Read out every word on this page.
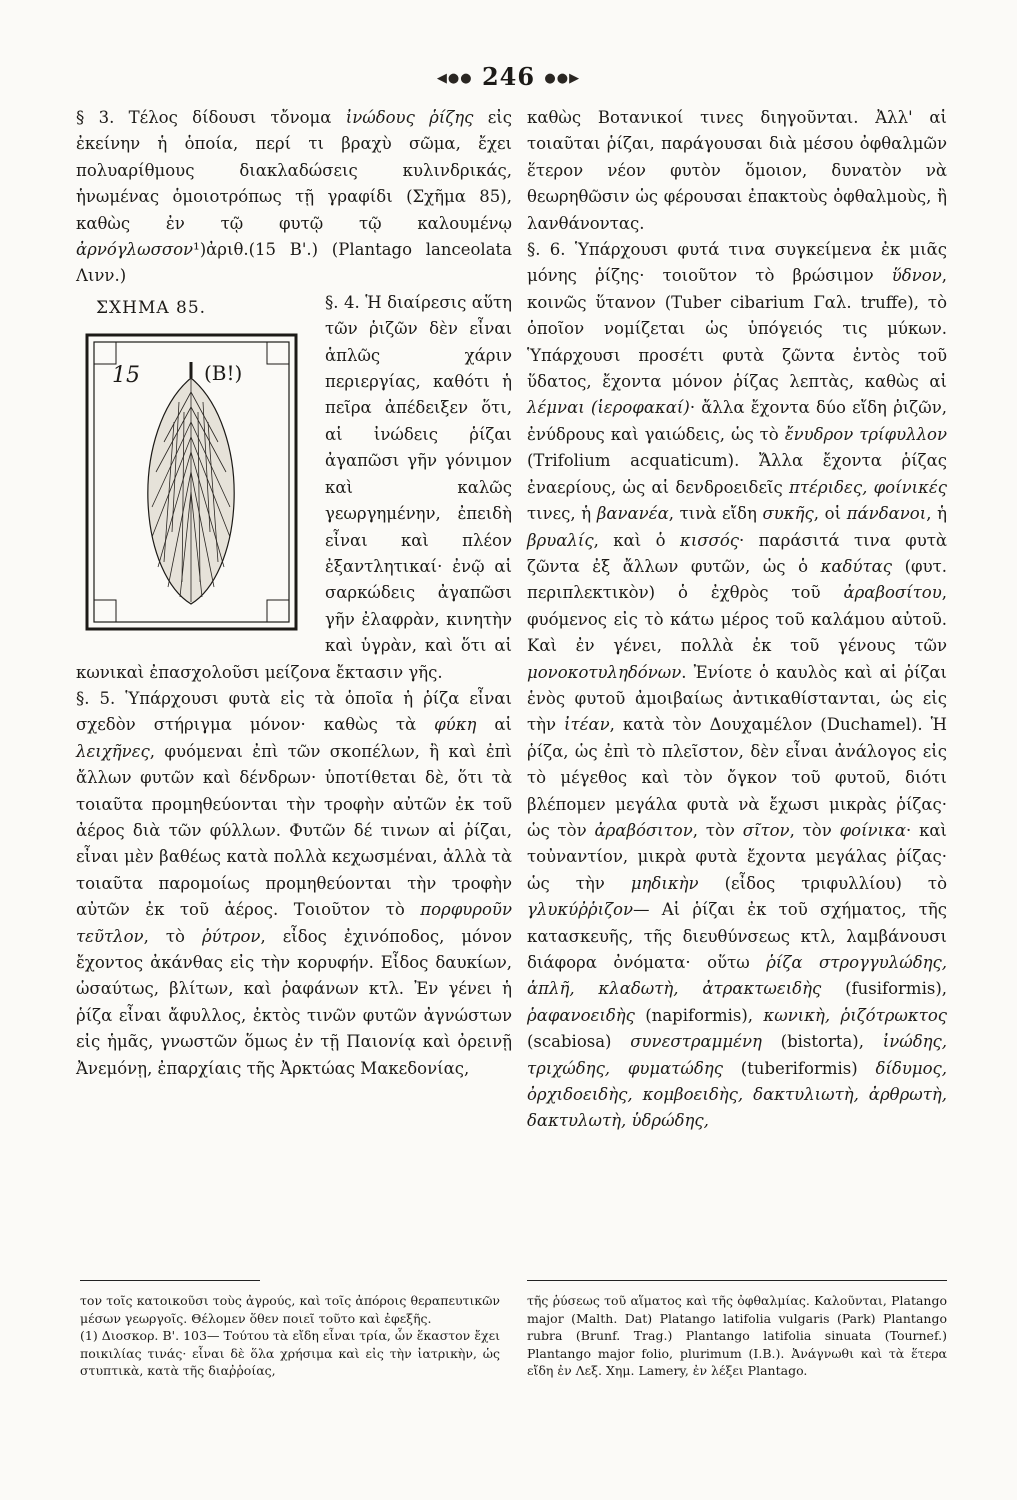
◀●● 246 ●●▶

§ 3. Τέλος δίδουσι τὄνομα ἰνώδους ῥίζης εἰς ἐκείνην ἡ ὁποία, περί τι βραχὺ σῶμα, ἔχει πολυαρίθμους διακλαδώσεις κυλινδρικάς, ἡνωμένας ὁμοιοτρόπως τῇ γραφίδι (Σχῆμα 85), καθὼς ἐν τῷ φυτῷ τῷ καλουμένῳ ἀρνόγλωσσον¹)ἀριθ.(15 Β'.) (Plantago lanceolata Λινν.)

ΣΧΗΜΑ 85.
15	(B!)

§. 4. Ἡ διαίρεσις αὕτη τῶν ῥιζῶν δὲν εἶναι ἁπλῶς χάριν περιεργίας, καθότι ἡ πεῖρα ἀπέδειξεν ὅτι, αἱ ἰνώδεις ῥίζαι ἀγαπῶσι γῆν γόνιμον καὶ καλῶς γεωργημένην, ἐπειδὴ εἶναι καὶ πλέον ἐξαντλητικαί· ἐνῷ αἱ σαρκώδεις ἀγαπῶσι γῆν ἐλαφρὰν, κινητὴν καὶ ὑγρὰν, καὶ ὅτι αἱ κωνικαὶ ἐπασχολοῦσι μείζονα ἔκτασιν γῆς.

§. 5. Ὑπάρχουσι φυτὰ εἰς τὰ ὁποῖα ἡ ῥίζα εἶναι σχεδὸν στήριγμα μόνον· καθὼς τὰ φύκη αἱ λειχῆνες, φυόμεναι ἐπὶ τῶν σκοπέλων, ἢ καὶ ἐπὶ ἄλλων φυτῶν καὶ δένδρων· ὑποτίθεται δὲ, ὅτι τὰ τοιαῦτα προμηθεύονται τὴν τροφὴν αὐτῶν ἐκ τοῦ ἀέρος διὰ τῶν φύλλων. Φυτῶν δέ τινων αἱ ῥίζαι, εἶναι μὲν βαθέως κατὰ πολλὰ κεχωσμέναι, ἀλλὰ τὰ τοιαῦτα παρομοίως προμηθεύονται τὴν τροφὴν αὐτῶν ἐκ τοῦ ἀέρος. Τοιοῦτον τὸ πορφυροῦν τεῦτλον, τὸ ῥύτρον, εἶδος ἐχινόποδος, μόνον ἔχοντος ἀκάνθας εἰς τὴν κορυφήν. Εἶδος δαυκίων, ὡσαύτως, βλίτων, καὶ ῥαφάνων κτλ. Ἐν γένει ἡ ῥίζα εἶναι ἄφυλλος, ἐκτὸς τινῶν φυτῶν ἀγνώστων εἰς ἡμᾶς, γνωστῶν ὅμως ἐν τῇ Παιονίᾳ καὶ ὀρεινῇ Ἀνεμόνῃ, ἐπαρχίαις τῆς Ἀρκτώας Μακεδονίας,

καθὼς Βοτανικοί τινες διηγοῦνται. Ἀλλ' αἱ τοιαῦται ῥίζαι, παράγουσαι διὰ μέσου ὀφθαλμῶν ἕτερον νέον φυτὸν ὅμοιον, δυνατὸν νὰ θεωρηθῶσιν ὡς φέρουσαι ἐπακτοὺς ὀφθαλμοὺς, ἢ λανθάνοντας.

§. 6. Ὑπάρχουσι φυτά τινα συγκείμενα ἐκ μιᾶς μόνης ῥίζης· τοιοῦτον τὸ βρώσιμον ὕδνον, κοινῶς ὕτανον (Tuber cibarium Γαλ. truffe), τὸ ὁποῖον νομίζεται ὡς ὑπόγειός τις μύκων. Ὑπάρχουσι προσέτι φυτὰ ζῶντα ἐντὸς τοῦ ὕδατος, ἔχοντα μόνον ῥίζας λεπτὰς, καθὼς αἱ λέμναι (ἱεροφακαί)· ἄλλα ἔχοντα δύο εἴδη ῥιζῶν, ἐνύδρους καὶ γαιώδεις, ὡς τὸ ἔνυδρον τρίφυλλον (Trifolium acquaticum). Ἄλλα ἔχοντα ῥίζας ἐναερίους, ὡς αἱ δενδροειδεῖς πτέριδες, φοίνικές τινες, ἡ βανανέα, τινὰ εἴδη συκῆς, οἱ πάνδανοι, ἡ βρυαλίς, καὶ ὁ κισσός· παράσιτά τινα φυτὰ ζῶντα ἐξ ἄλλων φυτῶν, ὡς ὁ καδύτας (φυτ. περιπλεκτικὸν) ὁ ἐχθρὸς τοῦ ἀραβοσίτου, φυόμενος εἰς τὸ κάτω μέρος τοῦ καλάμου αὐτοῦ. Καὶ ἐν γένει, πολλὰ ἐκ τοῦ γένους τῶν μονοκοτυληδόνων. Ἐνίοτε ὁ καυλὸς καὶ αἱ ῥίζαι ἑνὸς φυτοῦ ἀμοιβαίως ἀντικαθίστανται, ὡς εἰς τὴν ἰτέαν, κατὰ τὸν Δουχαμέλον (Duchamel). Ἡ ῥίζα, ὡς ἐπὶ τὸ πλεῖστον, δὲν εἶναι ἀνάλογος εἰς τὸ μέγεθος καὶ τὸν ὄγκον τοῦ φυτοῦ, διότι βλέπομεν μεγάλα φυτὰ νὰ ἔχωσι μικρὰς ῥίζας· ὡς τὸν ἀραβόσιτον, τὸν σῖτον, τὸν φοίνικα· καὶ τοὐναντίον, μικρὰ φυτὰ ἔχοντα μεγάλας ῥίζας· ὡς τὴν μηδικὴν (εἶδος τριφυλλίου) τὸ γλυκύῤῥιζον— Αἱ ῥίζαι ἐκ τοῦ σχήματος, τῆς κατασκευῆς, τῆς διευθύνσεως κτλ, λαμβάνουσι διάφορα ὀνόματα· οὕτω ῥίζα στρογγυλώδης, ἁπλῆ, κλαδωτὴ, ἀτρακτωειδὴς (fusiformis), ῥαφανοειδὴς (napiformis), κωνικὴ, ῥιζότρωκτος (scabiosa) συνεστραμμένη (bistorta), ἰνώδης, τριχώδης, φυματώδης (tuberiformis) δίδυμος, ὀρχιδοειδὴς, κομβοειδὴς, δακτυλιωτὴ, ἀρθρωτὴ, δακτυλωτὴ, ὑδρώδης,

τον τοῖς κατοικοῦσι τοὺς ἀγρούς, καὶ τοῖς ἀπόροις θεραπευτικῶν μέσων γεωργοῖς. Θέλομεν ὅθεν ποιεῖ τοῦτο καὶ ἐφεξῆς.

(1) Διοσκορ. Β'. 103— Τούτου τὰ εἴδη εἶναι τρία, ὧν ἕκαστον ἔχει ποικιλίας τινάς· εἶναι δὲ ὅλα χρήσιμα καὶ εἰς τὴν ἰατρικὴν, ὡς στυπτικὰ, κατὰ τῆς διαῤῥοίας,

τῆς ῥύσεως τοῦ αἵματος καὶ τῆς ὀφθαλμίας. Καλοῦνται, Platango major (Malth. Dat) Platango latifolia vulgaris (Park) Plantango rubra (Brunf. Trag.) Plantango latifolia sinuata (Tournef.) Plantango major folio, plurimum (I.B.). Ἀνάγνωθι καὶ τὰ ἕτερα εἴδη ἐν Λεξ. Χημ. Lamery, ἐν λέξει Plantago.
